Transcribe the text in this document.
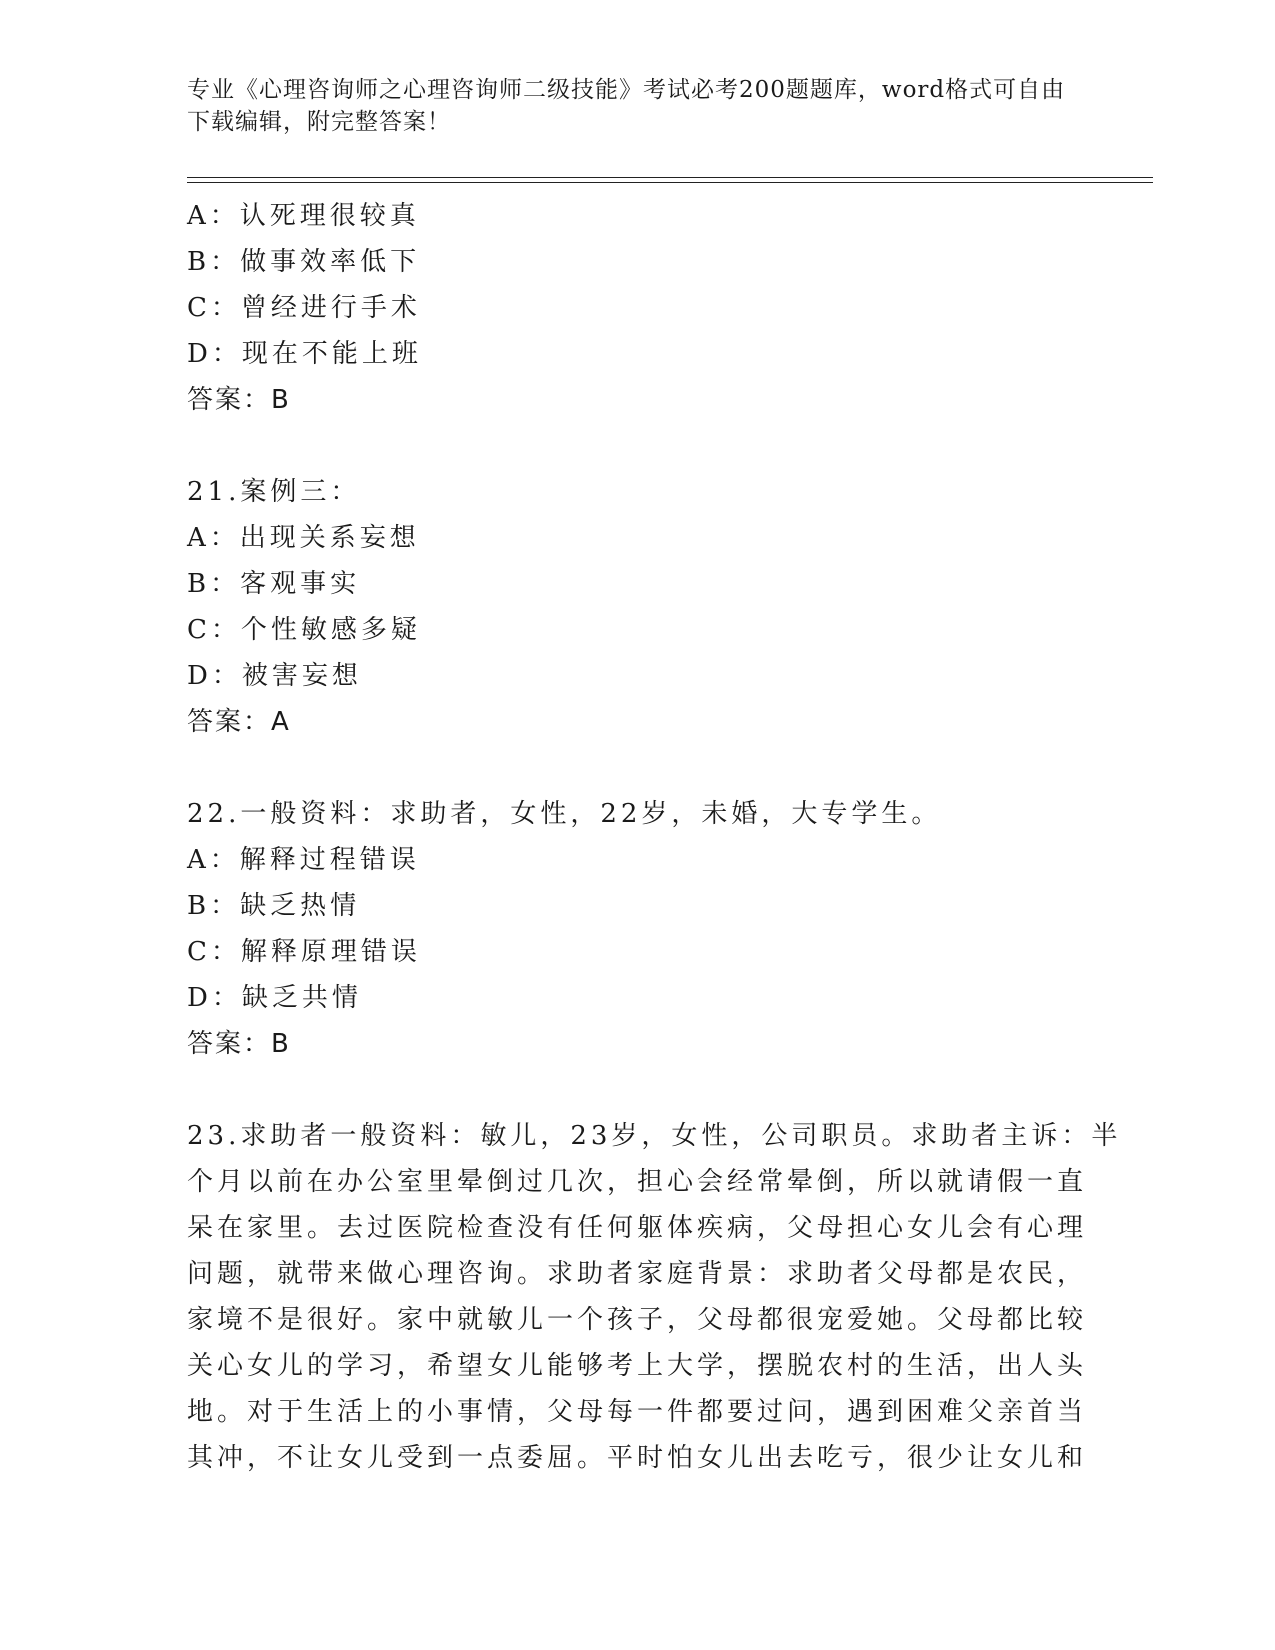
专业《心理咨询师之心理咨询师二级技能》考试必考200题题库，word格式可自由下载编辑，附完整答案！
A：认死理很较真
B：做事效率低下
C：曾经进行手术
D：现在不能上班
答案：B
21.案例三：
A：出现关系妄想
B：客观事实
C：个性敏感多疑
D：被害妄想
答案：A
22.一般资料：求助者，女性，22岁，未婚，大专学生。
A：解释过程错误
B：缺乏热情
C：解释原理错误
D：缺乏共情
答案：B
23.求助者一般资料：敏儿，23岁，女性，公司职员。求助者主诉：半
个月以前在办公室里晕倒过几次，担心会经常晕倒，所以就请假一直
呆在家里。去过医院检查没有任何躯体疾病，父母担心女儿会有心理
问题，就带来做心理咨询。求助者家庭背景：求助者父母都是农民，
家境不是很好。家中就敏儿一个孩子，父母都很宠爱她。父母都比较
关心女儿的学习，希望女儿能够考上大学，摆脱农村的生活，出人头
地。对于生活上的小事情，父母每一件都要过问，遇到困难父亲首当
其冲，不让女儿受到一点委屈。平时怕女儿出去吃亏，很少让女儿和
